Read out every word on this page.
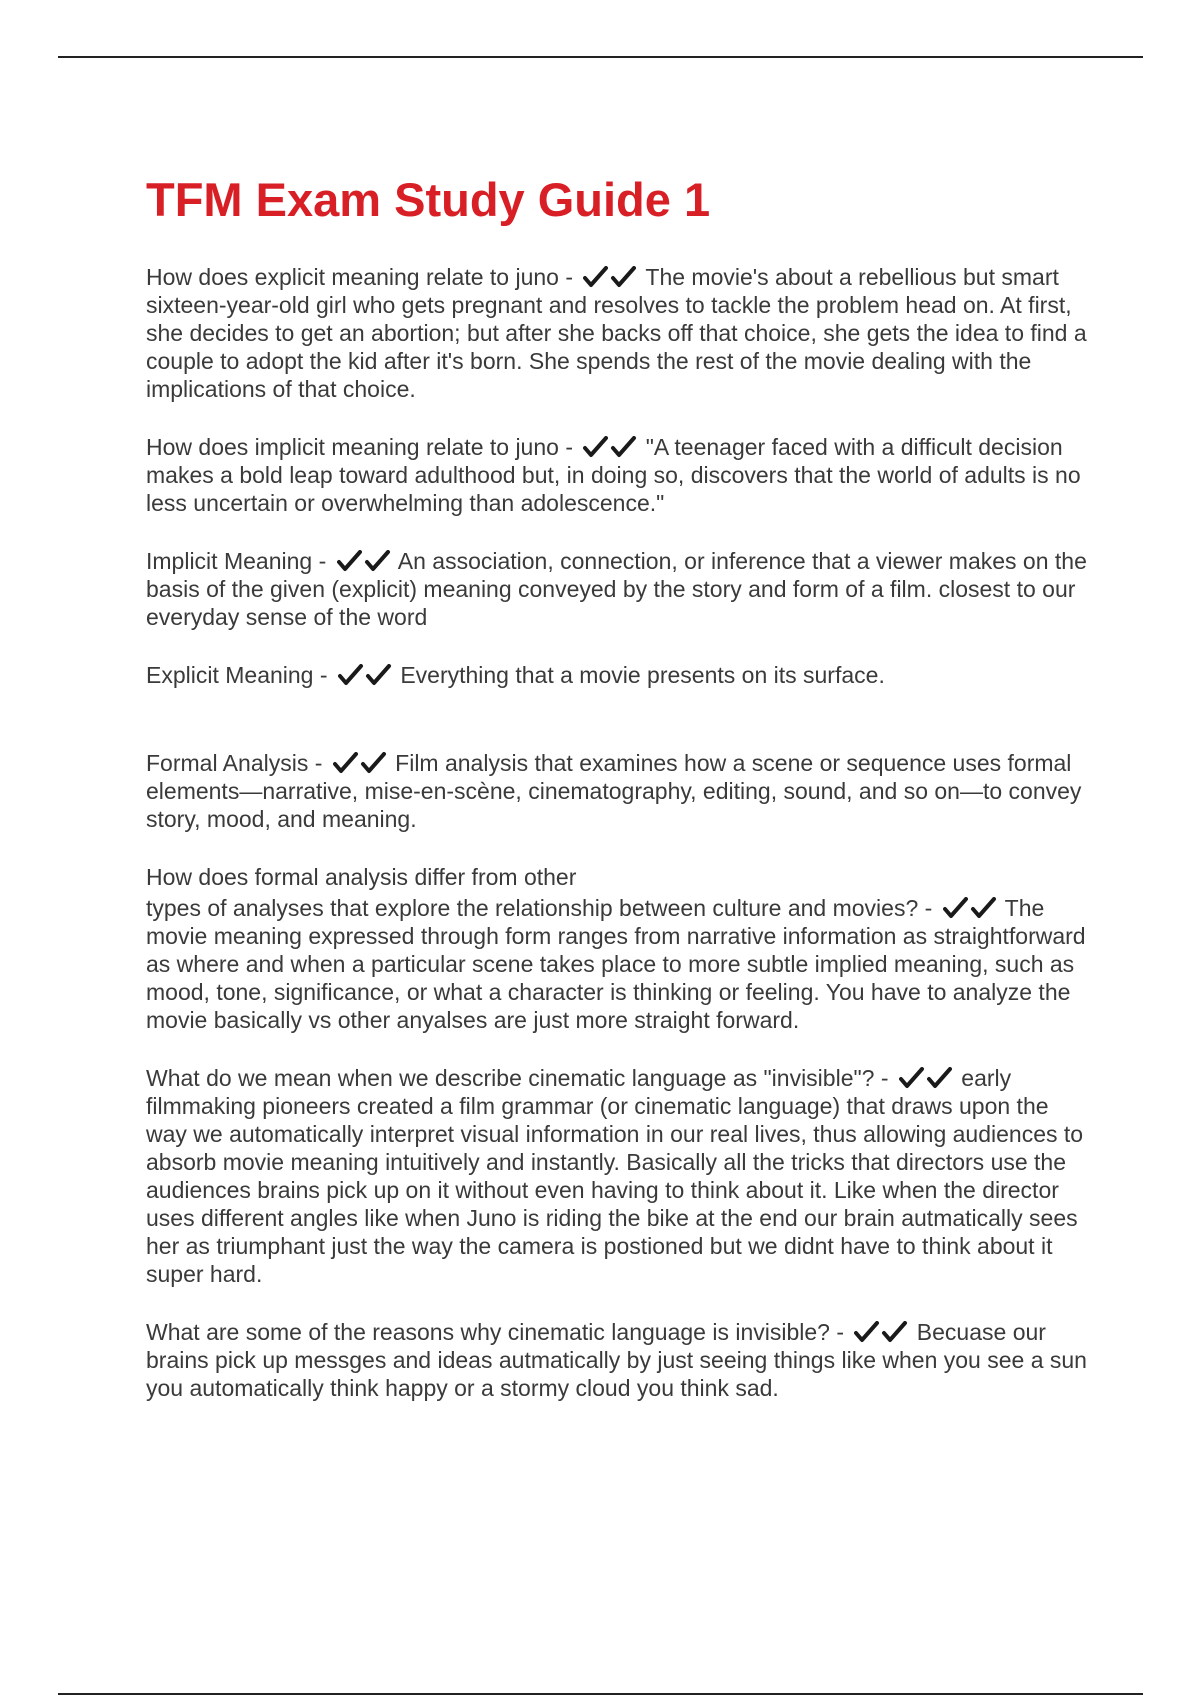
TFM Exam Study Guide 1

How does explicit meaning relate to juno -	The movie's about a rebellious but smart sixteen-year-old girl who gets pregnant and resolves to tackle the problem head on. At first, she decides to get an abortion; but after she backs off that choice, she gets the idea to find a couple to adopt the kid after it's born. She spends the rest of the movie dealing with the implications of that choice.

How does implicit meaning relate to juno -	"A teenager faced with a difficult decision makes a bold leap toward adulthood but, in doing so, discovers that the world of adults is no less uncertain or overwhelming than adolescence."

Implicit Meaning -	An association, connection, or inference that a viewer makes on the basis of the given (explicit) meaning conveyed by the story and form of a film. closest to our everyday sense of the word

Explicit Meaning -	Everything that a movie presents on its surface.

Formal Analysis -	Film analysis that examines how a scene or sequence uses formal elements—narrative, mise-en-scène, cinematography, editing, sound, and so on—to convey story, mood, and meaning.

How does formal analysis differ from other
types of analyses that explore the relationship between culture and movies? -	The movie meaning expressed through form ranges from narrative information as straightforward as where and when a particular scene takes place to more subtle implied meaning, such as mood, tone, significance, or what a character is thinking or feeling. You have to analyze the movie basically vs other anyalses are just more straight forward.

What do we mean when we describe cinematic language as "invisible"? -	early filmmaking pioneers created a film grammar (or cinematic language) that draws upon the way we automatically interpret visual information in our real lives, thus allowing audiences to absorb movie meaning intuitively and instantly. Basically all the tricks that directors use the audiences brains pick up on it without even having to think about it. Like when the director uses different angles like when Juno is riding the bike at the end our brain autmatically sees her as triumphant just the way the camera is postioned but we didnt have to think about it super hard.

What are some of the reasons why cinematic language is invisible? -	Becuase our brains pick up messges and ideas autmatically by just seeing things like when you see a sun you automatically think happy or a stormy cloud you think sad.
